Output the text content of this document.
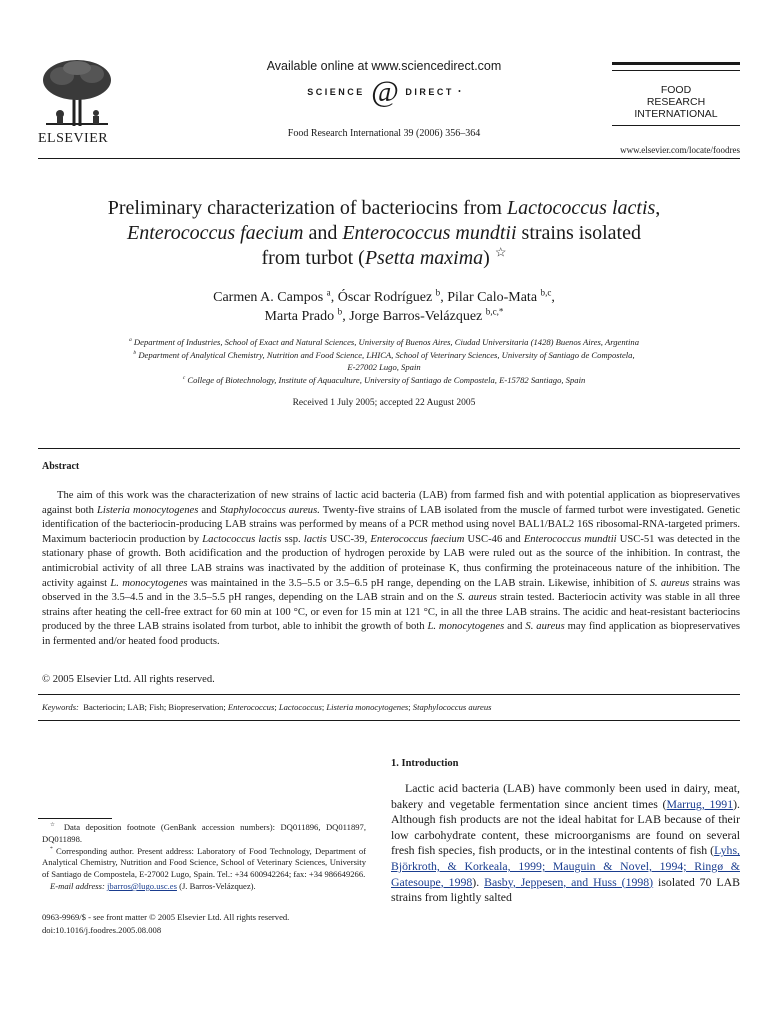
ELSEVIER
Available online at www.sciencedirect.com
SCIENCE @ DIRECT •
Food Research International 39 (2006) 356–364
FOOD
RESEARCH
INTERNATIONAL
www.elsevier.com/locate/foodres
Preliminary characterization of bacteriocins from Lactococcus lactis,
Enterococcus faecium and Enterococcus mundtii strains isolated
from turbot (Psetta maxima) ☆
Carmen A. Campos $^a$, Óscar Rodríguez $^b$, Pilar Calo-Mata $^{b,c}$,
Marta Prado $^b$, Jorge Barros-Velázquez $^{b,c,*}$
$^a$ Department of Industries, School of Exact and Natural Sciences, University of Buenos Aires, Ciudad Universitaria (1428) Buenos Aires, Argentina
$^b$ Department of Analytical Chemistry, Nutrition and Food Science, LHICA, School of Veterinary Sciences, University of Santiago de Compostela,
E-27002 Lugo, Spain
$^c$ College of Biotechnology, Institute of Aquaculture, University of Santiago de Compostela, E-15782 Santiago, Spain
Received 1 July 2005; accepted 22 August 2005
Abstract
The aim of this work was the characterization of new strains of lactic acid bacteria (LAB) from farmed fish and with potential application as biopreservatives against both Listeria monocytogenes and Staphylococcus aureus. Twenty-five strains of LAB isolated from the muscle of farmed turbot were investigated. Genetic identification of the bacteriocin-producing LAB strains was performed by means of a PCR method using novel BAL1/BAL2 16S ribosomal-RNA-targeted primers. Maximum bacteriocin production by Lactococcus lactis ssp. lactis USC-39, Enterococcus faecium USC-46 and Enterococcus mundtii USC-51 was detected in the stationary phase of growth. Both acidification and the production of hydrogen peroxide by LAB were ruled out as the source of the inhibition. In contrast, the antimicrobial activity of all three LAB strains was inactivated by the addition of proteinase K, thus confirming the proteinaceous nature of the inhibition. The activity against L. monocytogenes was maintained in the 3.5–5.5 or 3.5–6.5 pH range, depending on the LAB strain. Likewise, inhibition of S. aureus strains was observed in the 3.5–4.5 and in the 3.5–5.5 pH ranges, depending on the LAB strain and on the S. aureus strain tested. Bacteriocin activity was stable in all three strains after heating the cell-free extract for 60 min at 100 °C, or even for 15 min at 121 °C, in all the three LAB strains. The acidic and heat-resistant bacteriocins produced by the three LAB strains isolated from turbot, able to inhibit the growth of both L. monocytogenes and S. aureus may find application as biopreservatives in fermented and/or heated food products.
© 2005 Elsevier Ltd. All rights reserved.
Keywords:  Bacteriocin; LAB; Fish; Biopreservation; Enterococcus; Lactococcus; Listeria monocytogenes; Staphylococcus aureus
1. Introduction
Lactic acid bacteria (LAB) have commonly been used in dairy, meat, bakery and vegetable fermentation since ancient times (Marrug, 1991). Although fish products are not the ideal habitat for LAB because of their low carbohydrate content, these microorganisms are found on several fresh fish species, fish products, or in the intestinal contents of fish (Lyhs, Björkroth, & Korkeala, 1999; Mauguin & Novel, 1994; Ringø & Gatesoupe, 1998). Basby, Jeppesen, and Huss (1998) isolated 70 LAB strains from lightly salted
☆ Data deposition footnote (GenBank accession numbers): DQ011896, DQ011897, DQ011898.
* Corresponding author. Present address: Laboratory of Food Technology, Department of Analytical Chemistry, Nutrition and Food Science, School of Veterinary Sciences, University of Santiago de Compostela, E-27002 Lugo, Spain. Tel.: +34 600942264; fax: +34 986649266.
E-mail address: jbarros@lugo.usc.es (J. Barros-Velázquez).
0963-9969/$ - see front matter © 2005 Elsevier Ltd. All rights reserved.
doi:10.1016/j.foodres.2005.08.008
